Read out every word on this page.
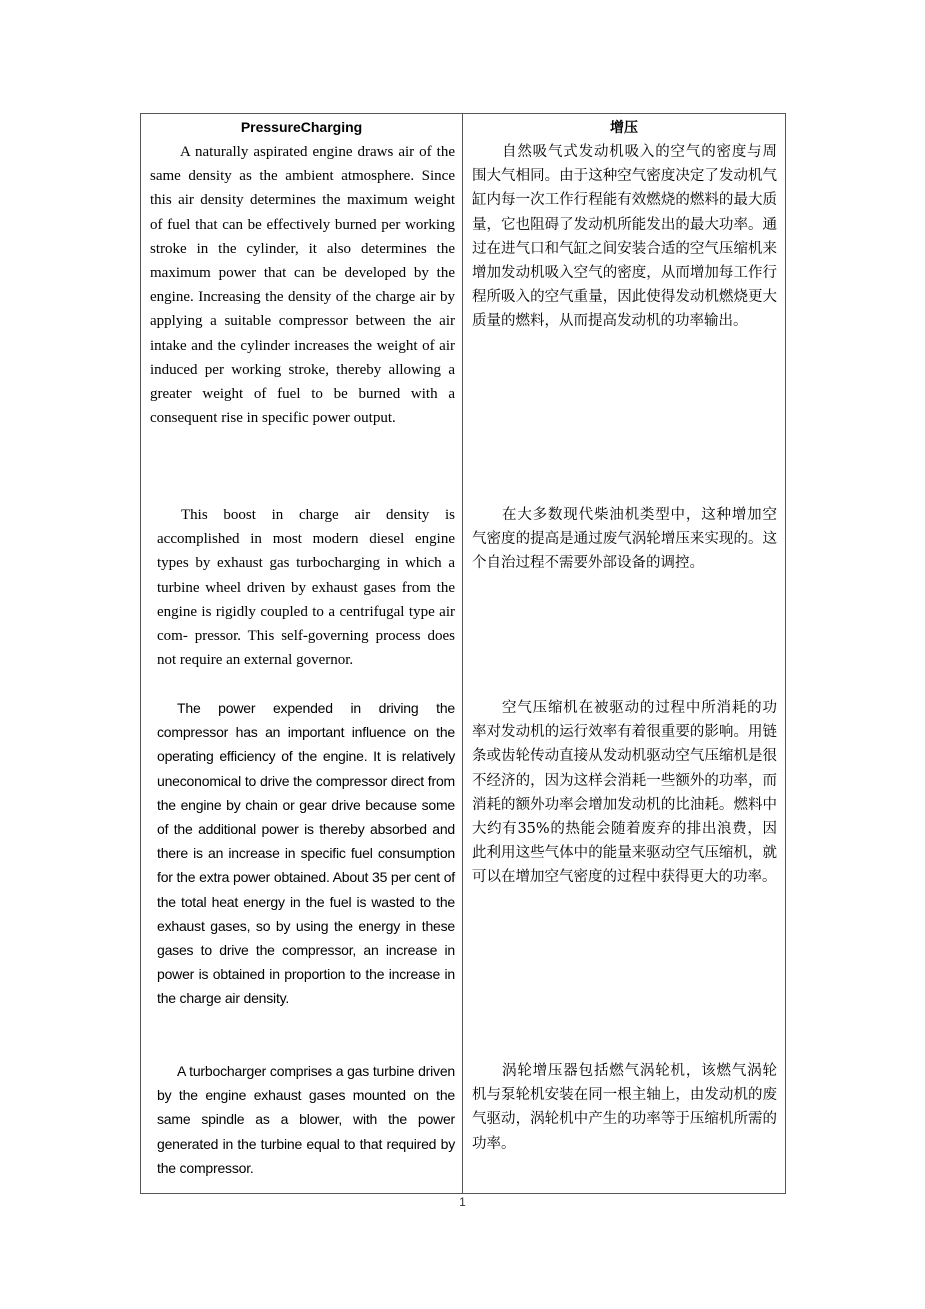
PressureCharging

A naturally aspirated engine draws air of the same density as the ambient atmosphere. Since this air density determines the maximum weight of fuel that can be effectively burned per working stroke in the cylinder, it also determines the maximum power that can be developed by the engine. Increasing the density of the charge air by applying a suitable compressor between the air intake and the cylinder increases the weight of air induced per working stroke, thereby allowing a greater weight of fuel to be burned with a consequent rise in specific power output.

This boost in charge air density is accomplished in most modern diesel engine types by exhaust gas turbocharging in which a turbine wheel driven by exhaust gases from the engine is rigidly coupled to a centrifugal type air com- pressor. This self-governing process does not require an external governor.

The power expended in driving the compressor has an important influence on the operating efficiency of the engine. It is relatively uneconomical to drive the compressor direct from the engine by chain or gear drive because some of the additional power is thereby absorbed and there is an increase in specific fuel consumption for the extra power obtained. About 35 per cent of the total heat energy in the fuel is wasted to the exhaust gases, so by using the energy in these gases to drive the compressor, an increase in power is obtained in proportion to the increase in the charge air density.

A turbocharger comprises a gas turbine driven by the engine exhaust gases mounted on the same spindle as a blower, with the power generated in the turbine equal to that required by the compressor.

增压

自然吸气式发动机吸入的空气的密度与周围大气相同。由于这种空气密度决定了发动机气缸内每一次工作行程能有效燃烧的燃料的最大质量，它也阻碍了发动机所能发出的最大功率。通过在进气口和气缸之间安装合适的空气压缩机来增加发动机吸入空气的密度，从而增加每工作行程所吸入的空气重量，因此使得发动机燃烧更大质量的燃料，从而提高发动机的功率输出。

在大多数现代柴油机类型中，这种增加空气密度的提高是通过废气涡轮增压来实现的。这个自治过程不需要外部设备的调控。

空气压缩机在被驱动的过程中所消耗的功率对发动机的运行效率有着很重要的影响。用链条或齿轮传动直接从发动机驱动空气压缩机是很不经济的，因为这样会消耗一些额外的功率，而消耗的额外功率会增加发动机的比油耗。燃料中大约有35%的热能会随着废弃的排出浪费，因此利用这些气体中的能量来驱动空气压缩机，就可以在增加空气密度的过程中获得更大的功率。

涡轮增压器包括燃气涡轮机，该燃气涡轮机与泵轮机安装在同一根主轴上，由发动机的废气驱动，涡轮机中产生的功率等于压缩机所需的功率。

1
